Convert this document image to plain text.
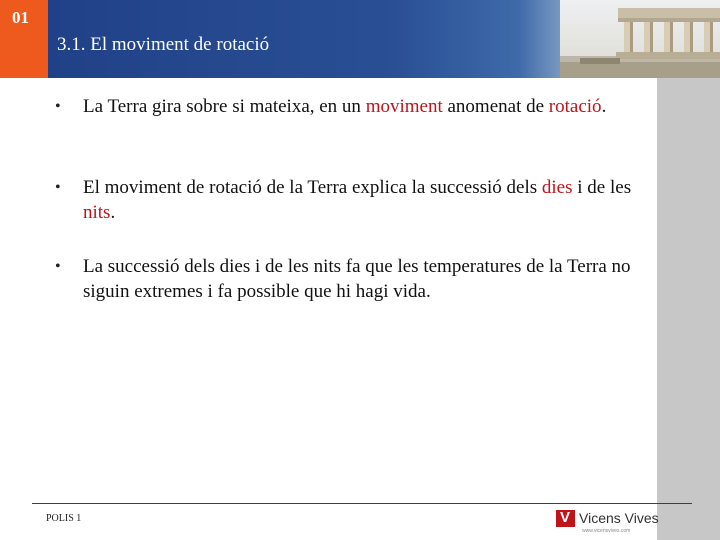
01
3.1. El moviment de rotació
•	La Terra gira sobre si mateixa, en un moviment anomenat de rotació.
•	El moviment de rotació de la Terra explica la successió dels dies i de les nits.
•	La successió dels dies i de les nits fa que les temperatures de la Terra no siguin extremes i fa possible que hi hagi vida.
POLIS 1	V Vicens Vives
www.vicensvives.com
